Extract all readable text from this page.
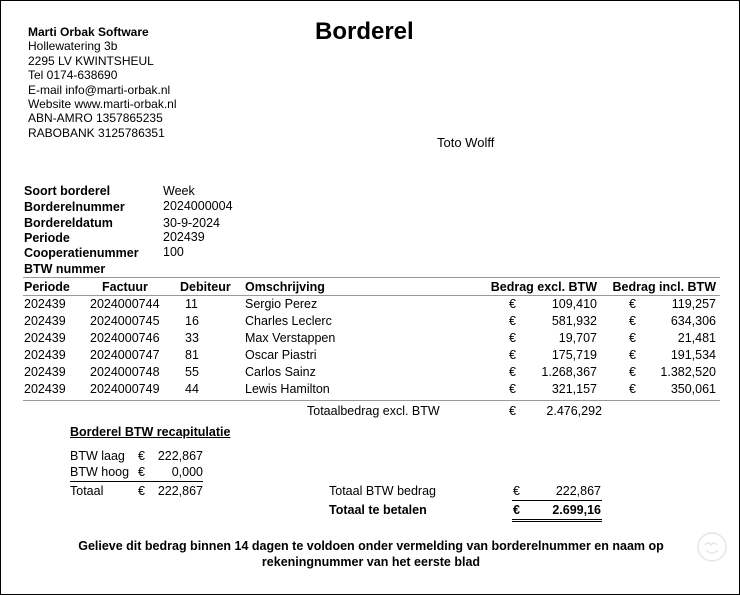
Marti Orbak Software
Hollewatering 3b
2295 LV KWINTSHEUL
Tel 0174-638690
E-mail info@marti-orbak.nl
Website www.marti-orbak.nl
ABN-AMRO 1357865235
RABOBANK 3125786351
Borderel
Toto Wolff
Soort borderel	Week
Borderelnummer	2024000004
Bordereldatum	30-9-2024
Periode	202439
Cooperatienummer 100
BTW nummer
Periode	Factuur	Debiteur Omschrijving	Bedrag excl. BTW	Bedrag incl. BTW
202439 2024000744 11	Sergio Perez	€	109,410	€	119,257
202439 2024000745 16	Charles Leclerc	€	581,932	€	634,306
202439 2024000746 33	Max Verstappen	€	19,707	€	21,481
202439 2024000747 81	Oscar Piastri	€	175,719	€	191,534
202439 2024000748 55	Carlos Sainz	€	1.268,367	€	1.382,520
202439 2024000749 44	Lewis Hamilton	€	321,157	€	350,061
Totaalbedrag excl. BTW	€	2.476,292
Borderel BTW recapitulatie
BTW laag €	222,867
BTW hoog €	0,000
Totaal	€	222,867	Totaal BTW bedrag	€	222,867
Totaal te betalen	€	2.699,16
Gelieve dit bedrag binnen 14 dagen te voldoen onder vermelding van borderelnummer en naam op
rekeningnummer van het eerste blad
